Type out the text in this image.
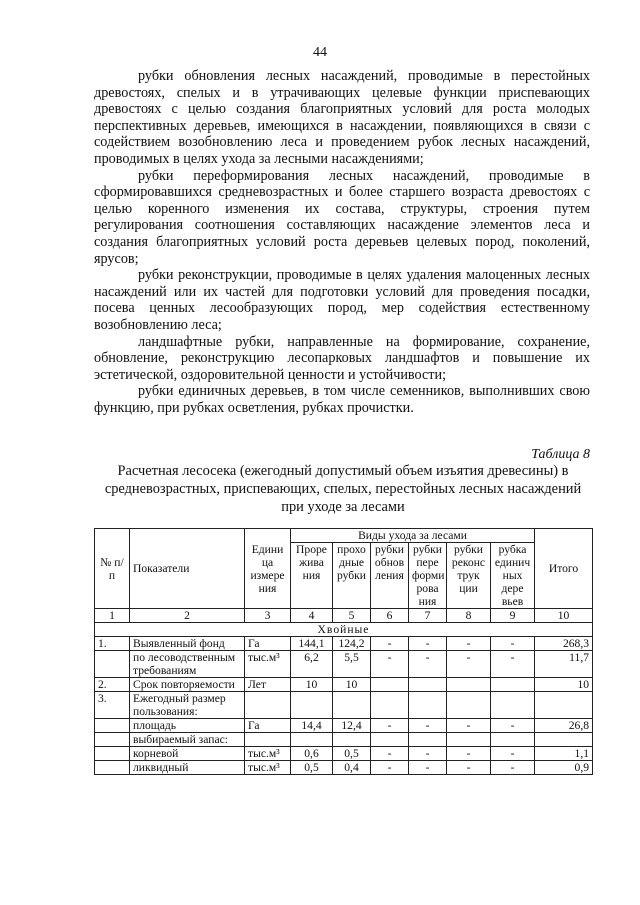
44

рубки обновления лесных насаждений, проводимые в перестойных древостоях, спелых и в утрачивающих целевые функции приспевающих древостоях с целью создания благоприятных условий для роста молодых перспективных деревьев, имеющихся в насаждении, появляющихся в связи с содействием возобновлению леса и проведением рубок лесных насаждений, проводимых в целях ухода за лесными насаждениями;

рубки переформирования лесных насаждений, проводимые в сформировавшихся средневозрастных и более старшего возраста древостоях с целью коренного изменения их состава, структуры, строения путем регулирования соотношения составляющих насаждение элементов леса и создания благоприятных условий роста деревьев целевых пород, поколений, ярусов;

рубки реконструкции, проводимые в целях удаления малоценных лесных насаждений или их частей для подготовки условий для проведения посадки, посева ценных лесообразующих пород, мер содействия естественному возобновлению леса;

ландшафтные рубки, направленные на формирование, сохранение, обновление, реконструкцию лесопарковых ландшафтов и повышение их эстетической, оздоровительной ценности и устойчивости;

рубки единичных деревьев, в том числе семенников, выполнивших свою функцию, при рубках осветления, рубках прочистки.

Таблица 8
Расчетная лесосека (ежегодный допустимый объем изъятия древесины) в средневозрастных, приспевающих, спелых, перестойных лесных насаждений при уходе за лесами
№ п/п	Показатели	Едини ца измере ния	Виды ухода за лесами						Итого
			Проре жива ния	прохо дные рубки	рубки обнов ления	рубки пере форми рова ния	рубки реконс трук ции	рубка единич ных дере вьев	
1	2	3	4	5	6	7	8	9	10
Хвойные									
1.	Выявленный фонд	Га	144,1	124,2	-	-	-	-	268,3
	по лесоводственным требованиям	тыс.м³	6,2	5,5	-	-	-	-	11,7
2.	Срок повторяемости	Лет	10	10					10
3.	Ежегодный размер пользования:								
	площадь	Га	14,4	12,4	-	-	-	-	26,8
	выбираемый запас:								
	корневой	тыс.м³	0,6	0,5	-	-	-	-	1,1
	ликвидный	тыс.м³	0,5	0,4	-	-	-	-	0,9
